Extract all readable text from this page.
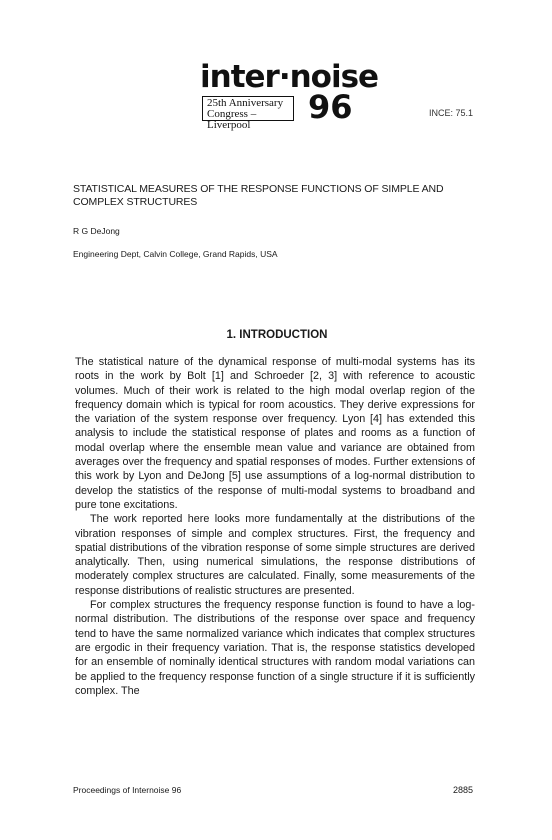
inter·noise
25th Anniversary
Congress – Liverpool	96	INCE: 75.1
STATISTICAL MEASURES OF THE RESPONSE FUNCTIONS OF SIMPLE AND COMPLEX STRUCTURES
R G DeJong
Engineering Dept, Calvin College, Grand Rapids, USA
1. INTRODUCTION

The statistical nature of the dynamical response of multi-modal systems has its roots in the work by Bolt [1] and Schroeder [2, 3] with reference to acoustic volumes. Much of their work is related to the high modal overlap region of the frequency domain which is typical for room acoustics. They derive expressions for the variation of the system response over frequency. Lyon [4] has extended this analysis to include the statistical response of plates and rooms as a function of modal overlap where the ensemble mean value and variance are obtained from averages over the frequency and spatial responses of modes. Further extensions of this work by Lyon and DeJong [5] use assumptions of a log-normal distribution to develop the statistics of the response of multi-modal systems to broadband and pure tone excitations.

The work reported here looks more fundamentally at the distributions of the vibration responses of simple and complex structures. First, the frequency and spatial distributions of the vibration response of some simple structures are derived analytically. Then, using numerical simulations, the response distributions of moderately complex structures are calculated. Finally, some measurements of the response distributions of realistic structures are presented.

For complex structures the frequency response function is found to have a log-normal distribution. The distributions of the response over space and frequency tend to have the same normalized variance which indicates that complex structures are ergodic in their frequency variation. That is, the response statistics developed for an ensemble of nominally identical structures with random modal variations can be applied to the frequency response function of a single structure if it is sufficiently complex. The

Proceedings of Internoise 96	2885
